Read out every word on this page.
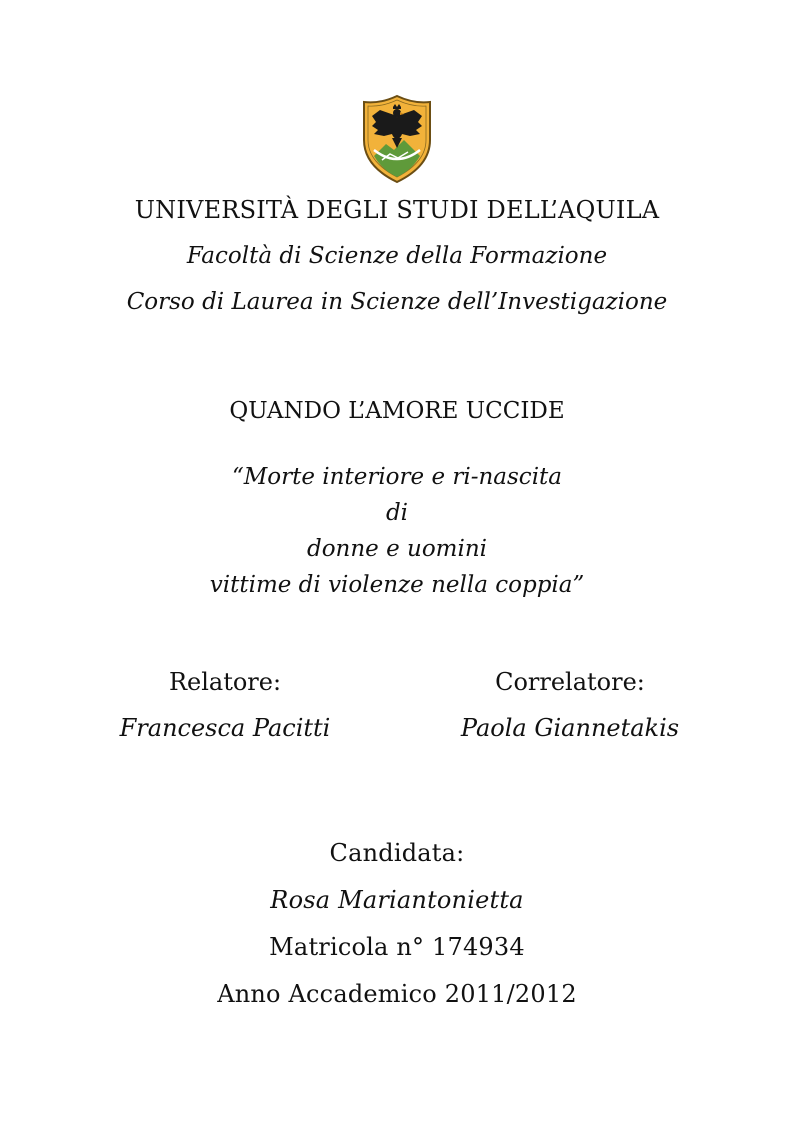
UNIVERSITÀ DEGLI STUDI DELL’AQUILA
Facoltà di Scienze della Formazione
Corso di Laurea in Scienze dell’Investigazione
QUANDO L’AMORE UCCIDE
“Morte interiore e ri-nascita
di
donne e uomini
vittime di violenze nella coppia”
Relatore:
Francesca Pacitti
Correlatore:
Paola Giannetakis
Candidata:
Rosa Mariantonietta
Matricola n° 174934
Anno Accademico 2011/2012
